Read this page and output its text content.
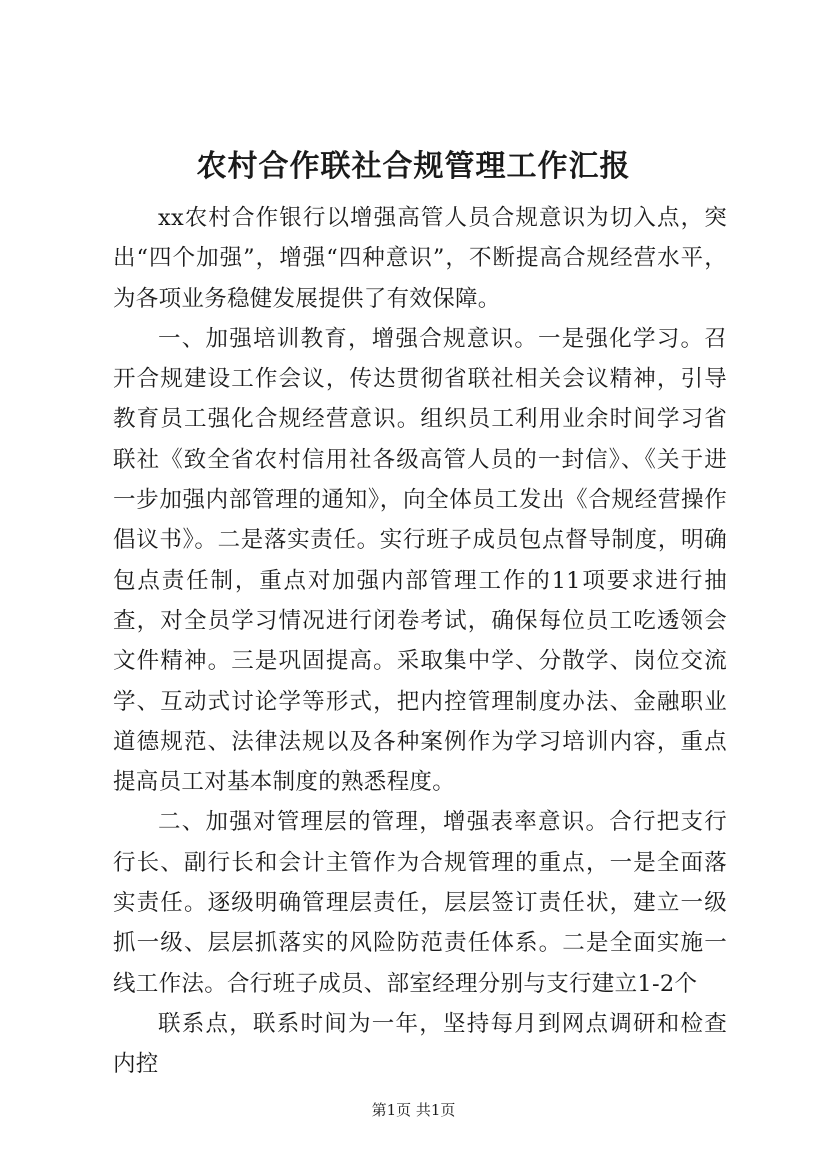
农村合作联社合规管理工作汇报

xx农村合作银行以增强高管人员合规意识为切入点，突出“四个加强”，增强“四种意识”，不断提高合规经营水平，为各项业务稳健发展提供了有效保障。

一、加强培训教育，增强合规意识。一是强化学习。召开合规建设工作会议，传达贯彻省联社相关会议精神，引导教育员工强化合规经营意识。组织员工利用业余时间学习省联社《致全省农村信用社各级高管人员的一封信》、《关于进一步加强内部管理的通知》，向全体员工发出《合规经营操作倡议书》。二是落实责任。实行班子成员包点督导制度，明确包点责任制，重点对加强内部管理工作的11项要求进行抽查，对全员学习情况进行闭卷考试，确保每位员工吃透领会文件精神。三是巩固提高。采取集中学、分散学、岗位交流学、互动式讨论学等形式，把内控管理制度办法、金融职业道德规范、法律法规以及各种案例作为学习培训内容，重点提高员工对基本制度的熟悉程度。

二、加强对管理层的管理，增强表率意识。合行把支行行长、副行长和会计主管作为合规管理的重点，一是全面落实责任。逐级明确管理层责任，层层签订责任状，建立一级抓一级、层层抓落实的风险防范责任体系。二是全面实施一线工作法。合行班子成员、部室经理分别与支行建立1-2个

联系点，联系时间为一年，坚持每月到网点调研和检查内控

第1页 共1页
